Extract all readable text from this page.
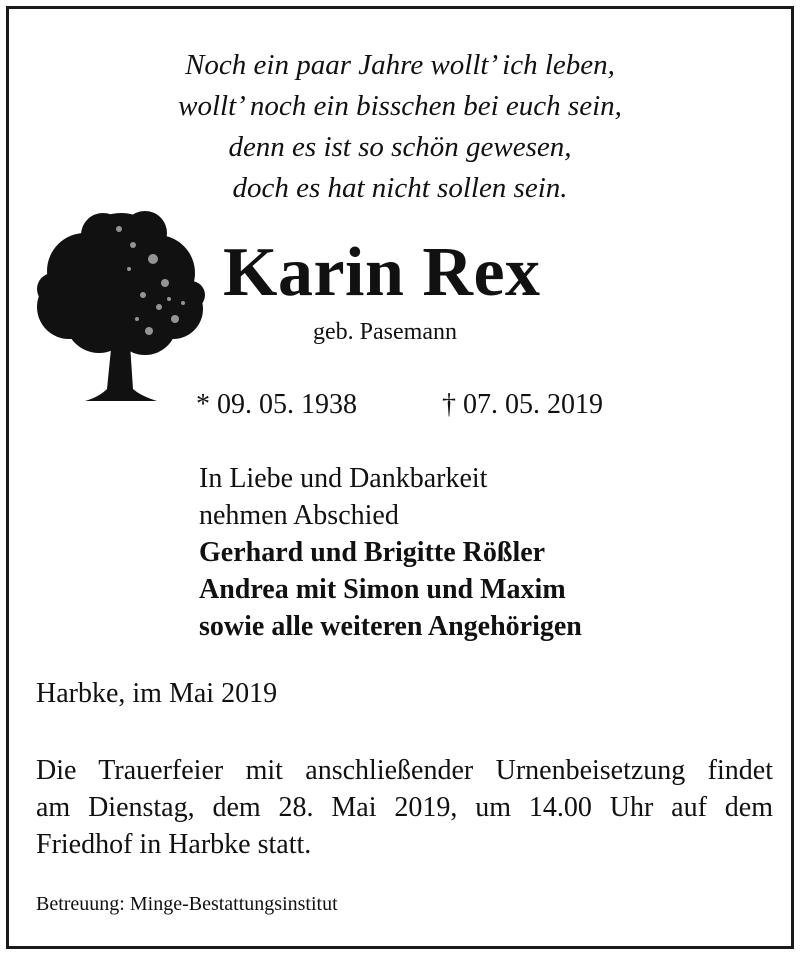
Noch ein paar Jahre wollt’ ich leben,
wollt’ noch ein bisschen bei euch sein,
denn es ist so schön gewesen,
doch es hat nicht sollen sein.
Karin Rex
geb. Pasemann
* 09. 05. 1938	† 07. 05. 2019
In Liebe und Dankbarkeit
nehmen Abschied
Gerhard und Brigitte Rößler
Andrea mit Simon und Maxim
sowie alle weiteren Angehörigen
Harbke, im Mai 2019
Die Trauerfeier mit anschließender Urnenbeisetzung findet
am Dienstag, dem 28. Mai 2019, um 14.00 Uhr auf dem
Friedhof in Harbke statt.
Betreuung: Minge-Bestattungsinstitut
